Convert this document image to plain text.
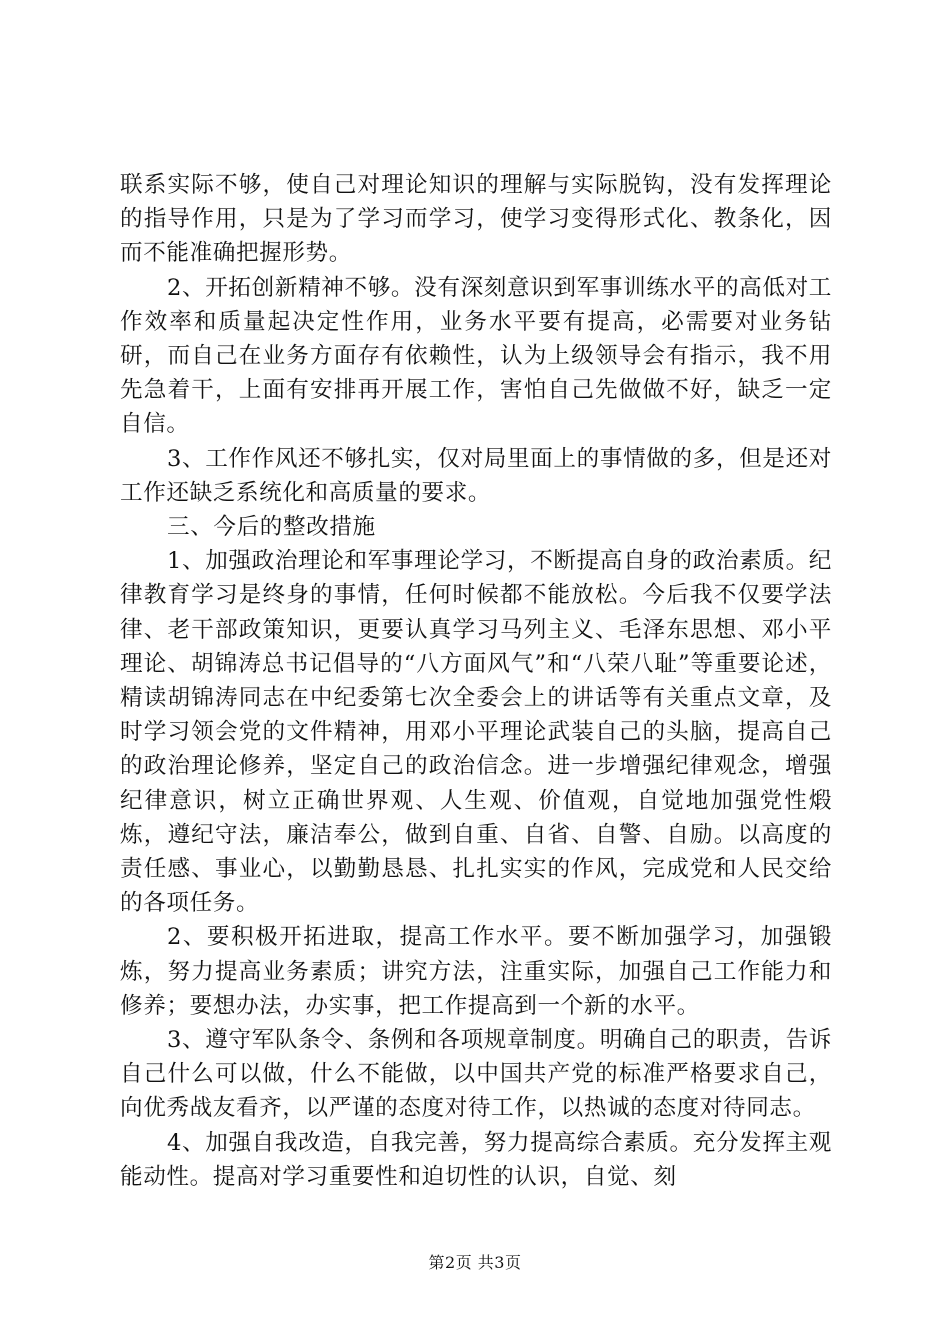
联系实际不够，使自己对理论知识的理解与实际脱钩，没有发挥理论的指导作用，只是为了学习而学习，使学习变得形式化、教条化，因而不能准确把握形势。

2、开拓创新精神不够。没有深刻意识到军事训练水平的高低对工作效率和质量起决定性作用，业务水平要有提高，必需要对业务钻研，而自己在业务方面存有依赖性，认为上级领导会有指示，我不用先急着干，上面有安排再开展工作，害怕自己先做做不好，缺乏一定自信。

3、工作作风还不够扎实，仅对局里面上的事情做的多，但是还对工作还缺乏系统化和高质量的要求。

三、今后的整改措施

1、加强政治理论和军事理论学习，不断提高自身的政治素质。纪律教育学习是终身的事情，任何时候都不能放松。今后我不仅要学法律、老干部政策知识，更要认真学习马列主义、毛泽东思想、邓小平理论、胡锦涛总书记倡导的“八方面风气”和“八荣八耻”等重要论述，精读胡锦涛同志在中纪委第七次全委会上的讲话等有关重点文章，及时学习领会党的文件精神，用邓小平理论武装自己的头脑，提高自己的政治理论修养，坚定自己的政治信念。进一步增强纪律观念，增强纪律意识，树立正确世界观、人生观、价值观，自觉地加强党性煅炼，遵纪守法，廉洁奉公，做到自重、自省、自警、自励。以高度的责任感、事业心，以勤勤恳恳、扎扎实实的作风，完成党和人民交给的各项任务。

2、要积极开拓进取，提高工作水平。要不断加强学习，加强锻炼，努力提高业务素质；讲究方法，注重实际，加强自己工作能力和修养；要想办法，办实事，把工作提高到一个新的水平。

3、遵守军队条令、条例和各项规章制度。明确自己的职责，告诉自己什么可以做，什么不能做，以中国共产党的标准严格要求自己，向优秀战友看齐，以严谨的态度对待工作，以热诚的态度对待同志。

4、加强自我改造，自我完善，努力提高综合素质。充分发挥主观能动性。提高对学习重要性和迫切性的认识，自觉、刻

第2页 共3页
